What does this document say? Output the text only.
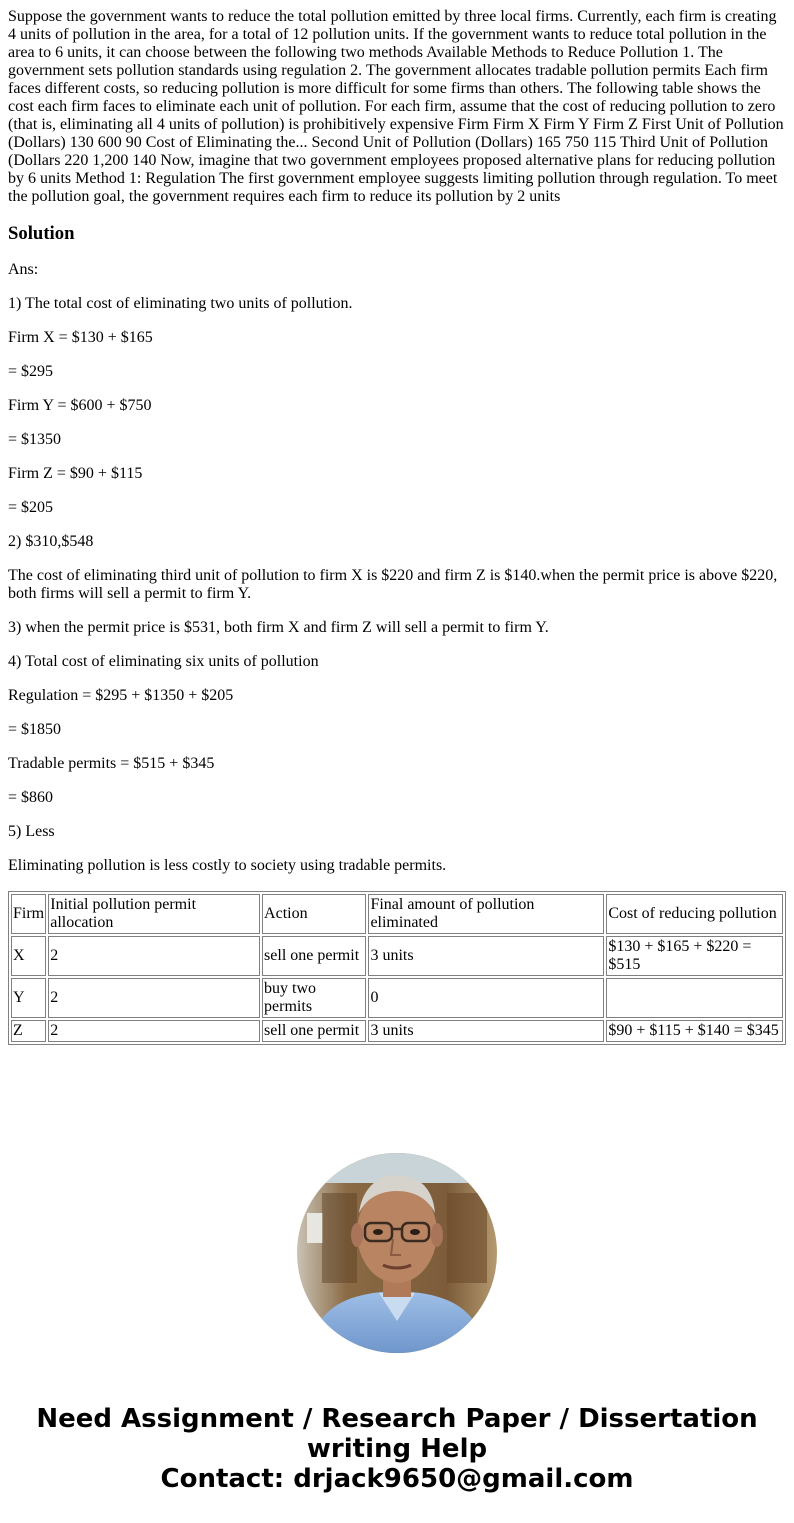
Suppose the government wants to reduce the total pollution emitted by three local firms. Currently, each firm is creating 4 units of pollution in the area, for a total of 12 pollution units. If the government wants to reduce total pollution in the area to 6 units, it can choose between the following two methods Available Methods to Reduce Pollution 1. The government sets pollution standards using regulation 2. The government allocates tradable pollution permits Each firm faces different costs, so reducing pollution is more difficult for some firms than others. The following table shows the cost each firm faces to eliminate each unit of pollution. For each firm, assume that the cost of reducing pollution to zero (that is, eliminating all 4 units of pollution) is prohibitively expensive Firm Firm X Firm Y Firm Z First Unit of Pollution (Dollars) 130 600 90 Cost of Eliminating the... Second Unit of Pollution (Dollars) 165 750 115 Third Unit of Pollution (Dollars 220 1,200 140 Now, imagine that two government employees proposed alternative plans for reducing pollution by 6 units Method 1: Regulation The first government employee suggests limiting pollution through regulation. To meet the pollution goal, the government requires each firm to reduce its pollution by 2 units
Solution

Ans:

1) The total cost of eliminating two units of pollution.

Firm X = $130 + $165

= $295

Firm Y = $600 + $750

= $1350

Firm Z = $90 + $115

= $205

2) $310,$548

The cost of eliminating third unit of pollution to firm X is $220 and firm Z is $140.when the permit price is above $220, both firms will sell a permit to firm Y.

3) when the permit price is $531, both firm X and firm Z will sell a permit to firm Y.

4) Total cost of eliminating six units of pollution

Regulation = $295 + $1350 + $205

= $1850

Tradable permits = $515 + $345

= $860

5) Less

Eliminating pollution is less costly to society using tradable permits.

Firm	Initial pollution permit allocation	Action	Final amount of pollution eliminated	Cost of reducing pollution
X	2	sell one permit	3 units	$130 + $165 + $220 = $515
Y	2	buy two permits	0	
Z	2	sell one permit	3 units	$90 + $115 + $140 = $345
Need Assignment / Research Paper / Dissertation
writing Help
Contact: drjack9650@gmail.com
